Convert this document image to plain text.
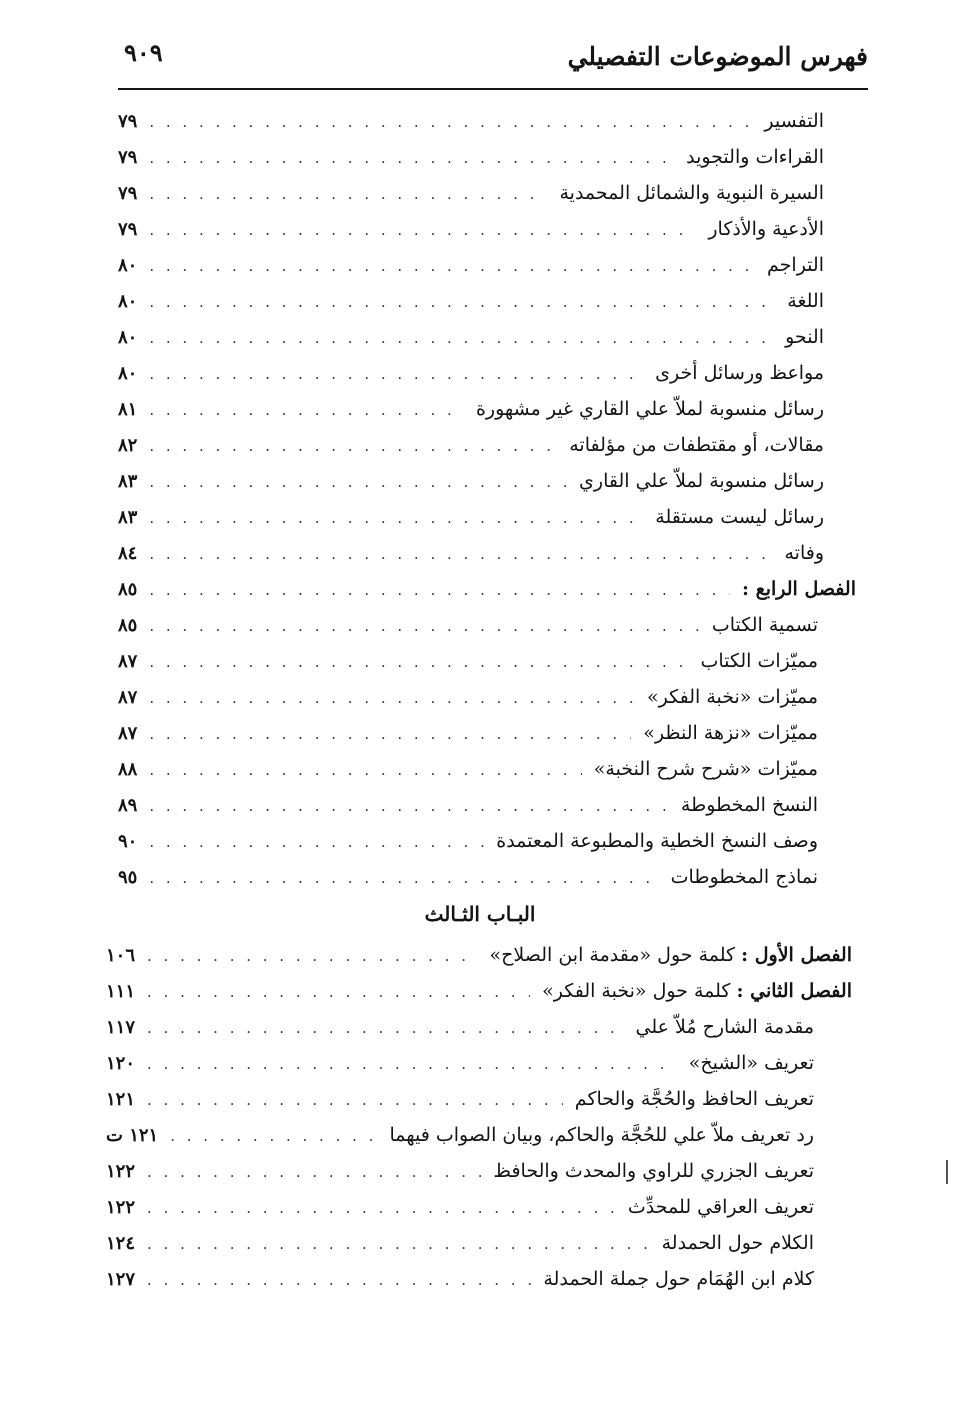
فهرس الموضوعات التفصيلي
٩٠٩
التفسير
. . .
٧٩
القراءات والتجويد
. . .
٧٩
السيرة النبوية والشمائل المحمدية
. . .
٧٩
الأدعية والأذكار
. . .
٧٩
التراجم
. . .
٨٠
اللغة
. . .
٨٠
النحو
. . .
٨٠
مواعظ ورسائل أخرى
. . .
٨٠
رسائل منسوبة لملاّ علي القاري غير مشهورة
. . .
٨١
مقالات، أو مقتطفات من مؤلفاته
. . .
٨٢
رسائل منسوبة لملاّ علي القاري
. . .
٨٣
رسائل ليست مستقلة
. . .
٨٣
وفاته
. . .
٨٤
الفصل الرابع :
. . .
٨٥
تسمية الكتاب
. . .
٨٥
مميّزات الكتاب
. . .
٨٧
مميّزات «نخبة الفكر»
. . .
٨٧
مميّزات «نزهة النظر»
. . .
٨٧
مميّزات «شرح شرح النخبة»
. . .
٨٨
النسخ المخطوطة
. . .
٨٩
وصف النسخ الخطية والمطبوعة المعتمدة
. . .
٩٠
نماذج المخطوطات
. . .
٩٥
البـاب الثـالث
الفصل الأول :
كلمة حول «مقدمة ابن الصلاح»
. . .
١٠٦
الفصل الثاني :
كلمة حول «نخبة الفكر»
. . .
١١١
مقدمة الشارح مُلاّ علي
. . .
١١٧
تعريف «الشيخ»
. . .
١٢٠
تعريف الحافظ والحُجَّة والحاكم
. . .
١٢١
رد تعريف ملاّ علي للحُجَّة والحاكم، وبيان الصواب فيهما
. . .
١٢١ ت
تعريف الجزري للراوي والمحدث والحافظ
. . .
١٢٢
تعريف العراقي للمحدِّث
. . .
١٢٢
الكلام حول الحمدلة
. . .
١٢٤
كلام ابن الهُمَام حول جملة الحمدلة
. . .
١٢٧
